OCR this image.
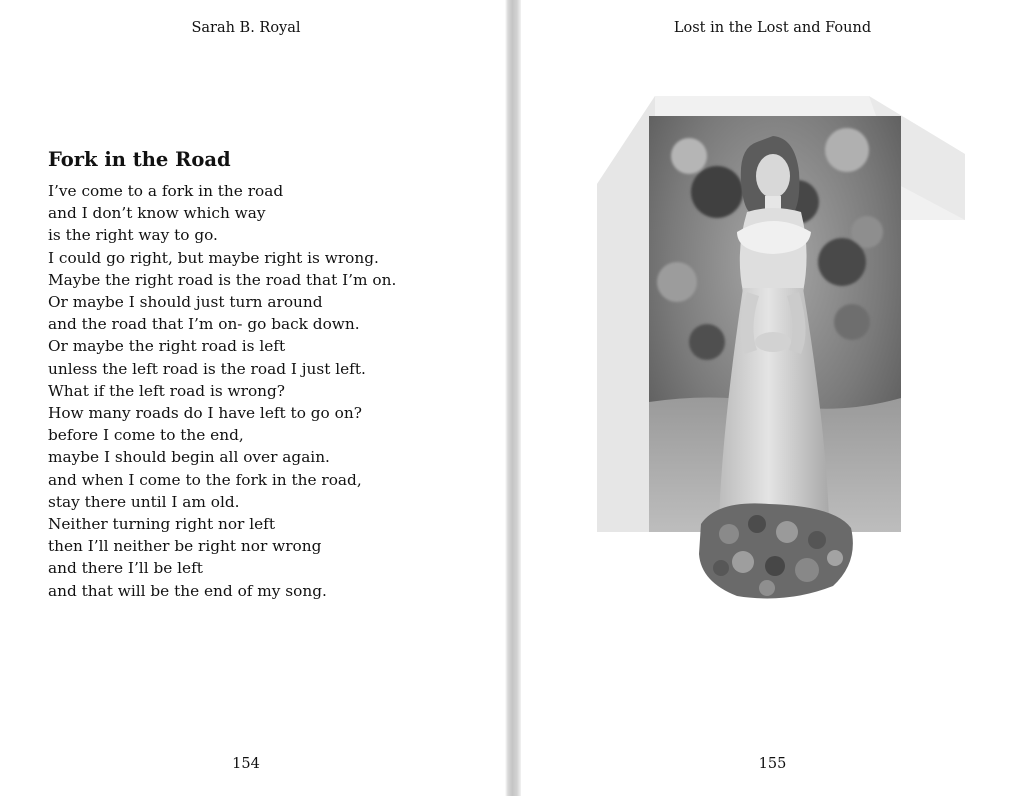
Sarah B. Royal
Fork in the Road
I’ve come to a fork in the road
and I don’t know which way
is the right way to go.
I could go right, but maybe right is wrong.
Maybe the right road is the road that I’m on.
Or maybe I should just turn around
and the road that I’m on- go back down.
Or maybe the right road is left
unless the left road is the road I just left.
What if the left road is wrong?
How many roads do I have left to go on?
before I come to the end,
maybe I should begin all over again.
and when I come to the fork in the road,
stay there until I am old.
Neither turning right nor left
then I’ll neither be right nor wrong
and there I’ll be left
and that will be the end of my song.
154
Lost in the Lost and Found
155
